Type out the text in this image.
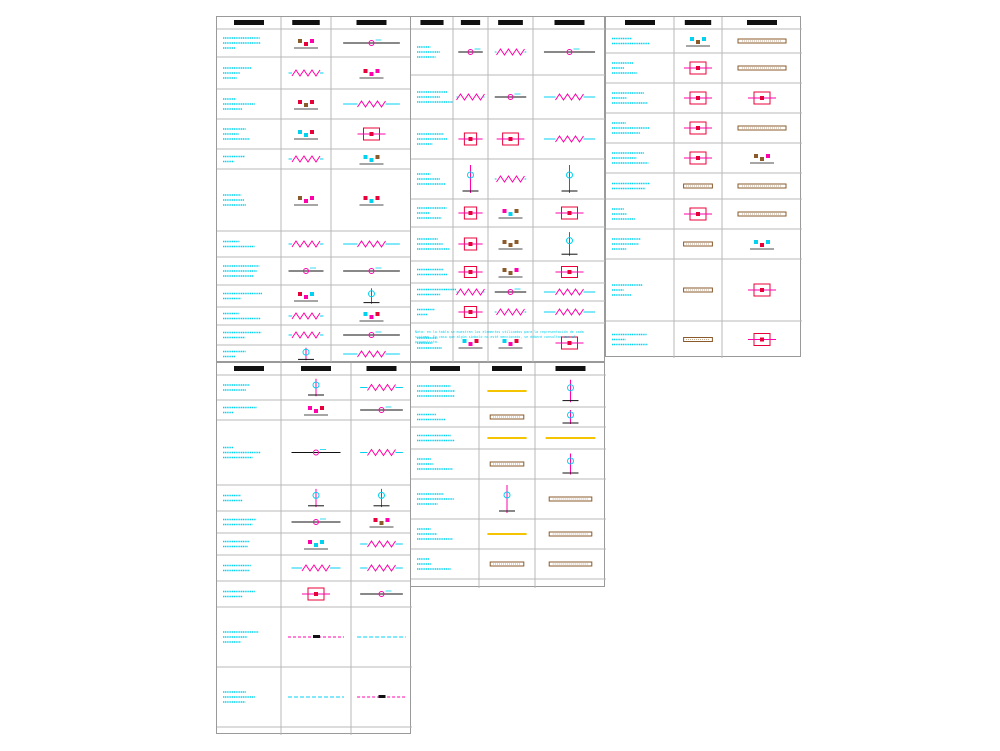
Nota: en la tabla se muestran los elementos utilizados para la representación de cada sistema. En caso que algún símbolo no esté mencionado, se deberá consultar con el proyectista.
